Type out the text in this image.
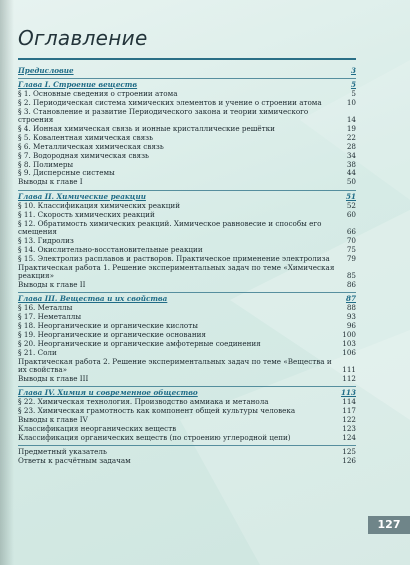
Оглавление
Предисловие	3
Глава I. Строение веществ	5
§ 1. Основные сведения о строении атома	5
§ 2. Периодическая система химических элементов и учение о строении атома	10
§ 3. Становление и развитие Периодического закона и теории химического строения	14
§ 4. Ионная химическая связь и ионные кристаллические решётки	19
§ 5. Ковалентная химическая связь	22
§ 6. Металлическая химическая связь	28
§ 7. Водородная химическая связь	34
§ 8. Полимеры	38
§ 9. Дисперсные системы	44
Выводы к главе I	50
Глава II. Химические реакции	51
§ 10. Классификация химических реакций	52
§ 11. Скорость химических реакций	60
§ 12. Обратимость химических реакций. Химическое равновесие и способы его смещения	66
§ 13. Гидролиз	70
§ 14. Окислительно-восстановительные реакции	75
§ 15. Электролиз расплавов и растворов. Практическое применение электролиза	79
Практическая работа 1. Решение экспериментальных задач по теме «Химическая реакция»	85
Выводы к главе II	86
Глава III. Вещества и их свойства	87
§ 16. Металлы	88
§ 17. Неметаллы	93
§ 18. Неорганические и органические кислоты	96
§ 19. Неорганические и органические основания	100
§ 20. Неорганические и органические амфотерные соединения	103
§ 21. Соли	106
Практическая работа 2. Решение экспериментальных задач по теме «Вещества и их свойства»	111
Выводы к главе III	112
Глава IV. Химия и современное общество	113
§ 22. Химическая технология. Производство аммиака и метанола	114
§ 23. Химическая грамотность как компонент общей культуры человека	117
Выводы к главе IV	122
Классификация неорганических веществ	123
Классификация органических веществ (по строению углеродной цепи)	124
Предметный указатель	125
Ответы к расчётным задачам	126
127
